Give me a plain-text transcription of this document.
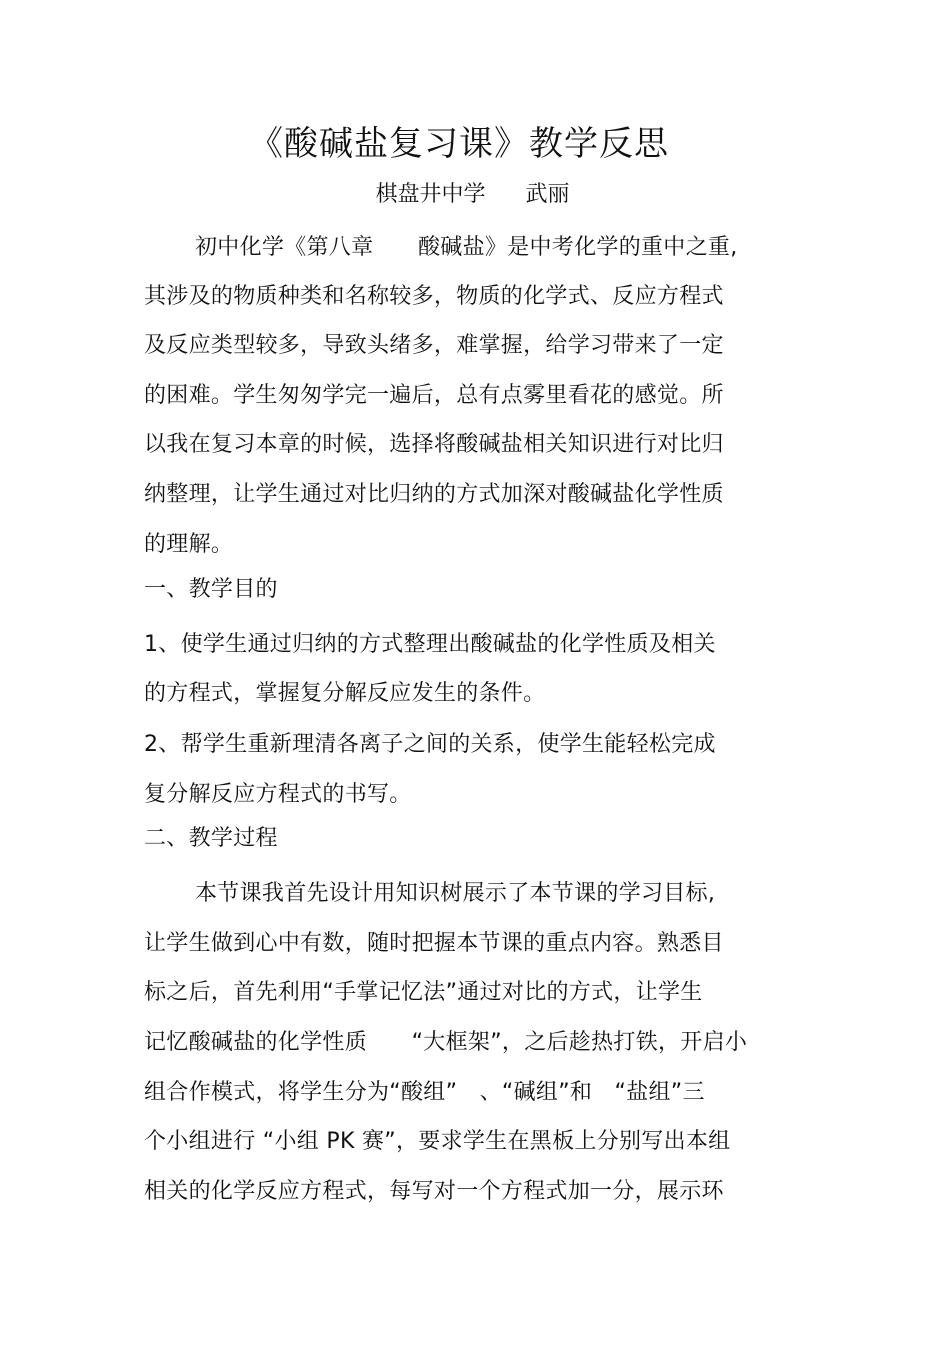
《酸碱盐复习课》教学反思
棋盘井中学 武丽
初中化学《第八章　　酸碱盐》是中考化学的重中之重,
其涉及的物质种类和名称较多，物质的化学式、反应方程式
及反应类型较多，导致头绪多，难掌握，给学习带来了一定
的困难。学生匆匆学完一遍后，总有点雾里看花的感觉。所
以我在复习本章的时候，选择将酸碱盐相关知识进行对比归
纳整理，让学生通过对比归纳的方式加深对酸碱盐化学性质
的理解。
一、教学目的
1、使学生通过归纳的方式整理出酸碱盐的化学性质及相关
的方程式，掌握复分解反应发生的条件。
2、帮学生重新理清各离子之间的关系，使学生能轻松完成
复分解反应方程式的书写。
二、教学过程
本节课我首先设计用知识树展示了本节课的学习目标,
让学生做到心中有数，随时把握本节课的重点内容。熟悉目
标之后，首先利用“手掌记忆法”通过对比的方式，让学生
记忆酸碱盐的化学性质　　“大框架”，之后趁热打铁，开启小
组合作模式，将学生分为“酸组”　、“碱组”和　“盐组”三
个小组进行 “小组 PK 赛”，要求学生在黑板上分别写出本组
相关的化学反应方程式，每写对一个方程式加一分，展示环
